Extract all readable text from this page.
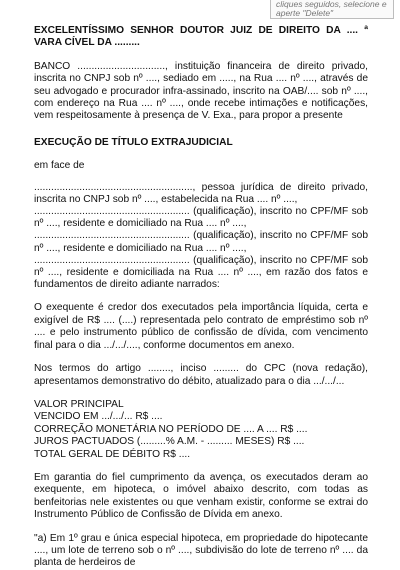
cliques seguidos, selecione e aperte "Delete"

EXCELENTÍSSIMO SENHOR DOUTOR JUIZ DE DIREITO DA .... ª VARA CÍVEL DA .........

BANCO ..............................., instituição financeira de direito privado, inscrita no CNPJ sob nº ...., sediado em ....., na Rua .... nº ...., através de seu advogado e procurador infra-assinado, inscrito na OAB/.... sob nº ...., com endereço na Rua .... nº ...., onde recebe intimações e notificações, vem respeitosamente à presença de V. Exa., para propor a presente

EXECUÇÃO DE TÍTULO EXTRAJUDICIAL

em face de

........................................................, pessoa jurídica de direito privado, inscrita no CNPJ sob nº ...., estabelecida na Rua .... nº ....,

....................................................... (qualificação), inscrito no CPF/MF sob nº ...., residente e domiciliado na Rua .... nº ....,

....................................................... (qualificação), inscrito no CPF/MF sob nº ...., residente e domiciliado na Rua .... nº ....,

....................................................... (qualificação), inscrito no CPF/MF sob nº ...., residente e domiciliada na Rua .... nº ...., em razão dos fatos e fundamentos de direito adiante narrados:

O exequente é credor dos executados pela importância líquida, certa e exigível de R$ .... (....) representada pelo contrato de empréstimo sob nº .... e pelo instrumento público de confissão de dívida, com vencimento final para o dia .../.../...., conforme documentos em anexo.

Nos termos do artigo ........, inciso ......... do CPC (nova redação), apresentamos demonstrativo do débito, atualizado para o dia .../.../...

VALOR PRINCIPAL

VENCIDO EM .../.../... R$ ....

CORREÇÃO MONETÁRIA NO PERÍODO DE .... A .... R$ ....

JUROS PACTUADOS (.........% A.M. - ......... MESES) R$ ....

TOTAL GERAL DE DÉBITO R$ ....

Em garantia do fiel cumprimento da avença, os executados deram ao exequente, em hipoteca, o imóvel abaixo descrito, com todas as benfeitorias nele existentes ou que venham existir, conforme se extrai do Instrumento Público de Confissão de Dívida em anexo.

"a) Em 1º grau e única especial hipoteca, em propriedade do hipotecante ...., um lote de terreno sob o nº ...., subdivisão do lote de terreno nº .... da planta de herdeiros de
